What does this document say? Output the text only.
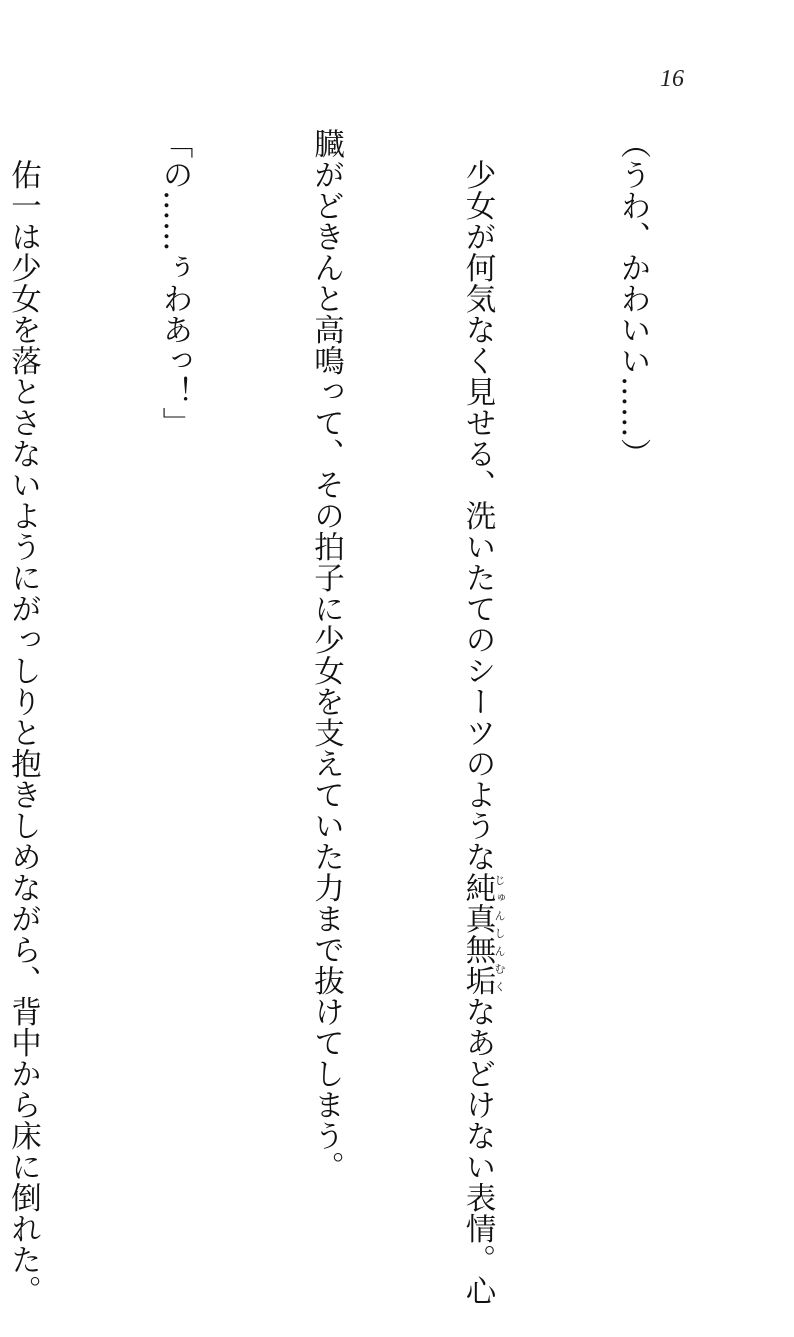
16

（うわ、かわいい……）

少女が何気なく見せる、洗いたてのシーツのような純真無垢じゅんしんむくなあどけない表情。心

臓がどきんと高鳴って、その拍子に少女を支えていた力まで抜けてしまう。

「の……ぅわあっ！」

佑一は少女を落とさないようにがっしりと抱きしめながら、背中から床に倒れた。
